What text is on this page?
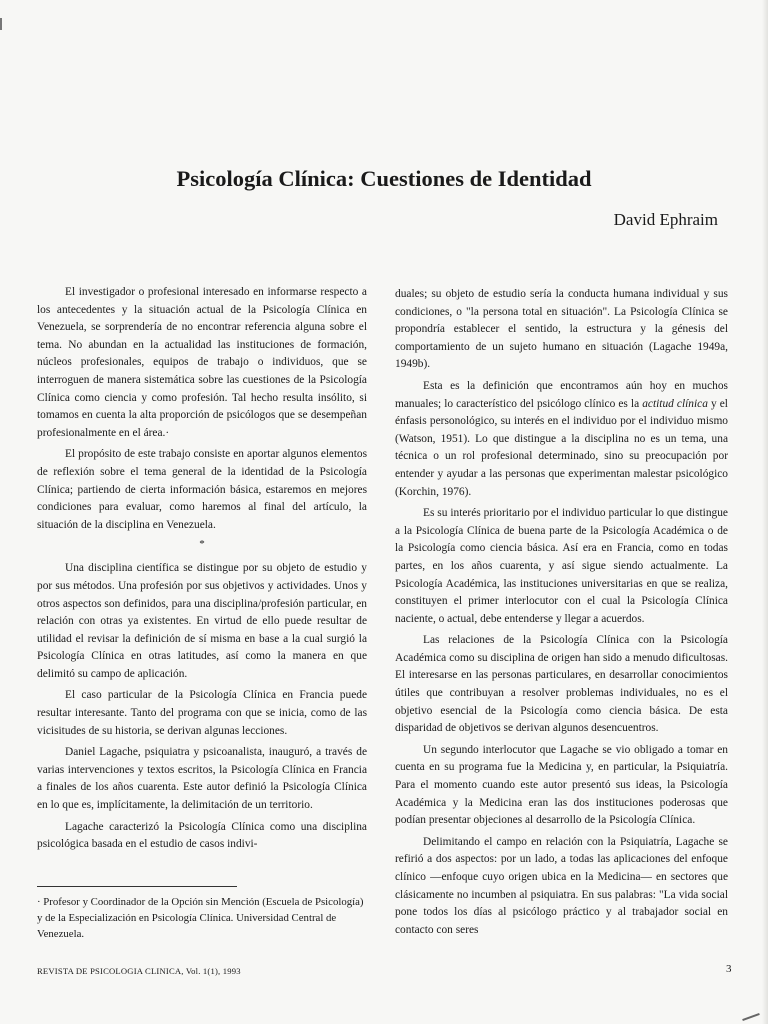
Psicología Clínica: Cuestiones de Identidad

David Ephraim

El investigador o profesional interesado en informarse respecto a los antecedentes y la situación actual de la Psicología Clínica en Venezuela, se sorprendería de no encontrar referencia alguna sobre el tema. No abundan en la actualidad las instituciones de formación, núcleos profesionales, equipos de trabajo o individuos, que se interroguen de manera sistemática sobre las cuestiones de la Psicología Clínica como ciencia y como profesión. Tal hecho resulta insólito, si tomamos en cuenta la alta proporción de psicólogos que se desempeñan profesionalmente en el área.·

El propósito de este trabajo consiste en aportar algunos elementos de reflexión sobre el tema general de la identidad de la Psicología Clínica; partiendo de cierta información básica, estaremos en mejores condiciones para evaluar, como haremos al final del artículo, la situación de la disciplina en Venezuela.

*

Una disciplina científica se distingue por su objeto de estudio y por sus métodos. Una profesión por sus objetivos y actividades. Unos y otros aspectos son definidos, para una disciplina/profesión particular, en relación con otras ya existentes. En virtud de ello puede resultar de utilidad el revisar la definición de sí misma en base a la cual surgió la Psicología Clínica en otras latitudes, así como la manera en que delimitó su campo de aplicación.

El caso particular de la Psicología Clínica en Francia puede resultar interesante. Tanto del programa con que se inicia, como de las vicisitudes de su historia, se derivan algunas lecciones.

Daniel Lagache, psiquiatra y psicoanalista, inauguró, a través de varias intervenciones y textos escritos, la Psicología Clínica en Francia a finales de los años cuarenta. Este autor definió la Psicología Clínica en lo que es, implícitamente, la delimitación de un territorio.

Lagache caracterizó la Psicología Clínica como una disciplina psicológica basada en el estudio de casos indivi-

duales; su objeto de estudio sería la conducta humana individual y sus condiciones, o "la persona total en situación". La Psicología Clínica se propondría establecer el sentido, la estructura y la génesis del comportamiento de un sujeto humano en situación (Lagache 1949a, 1949b).

Esta es la definición que encontramos aún hoy en muchos manuales; lo característico del psicólogo clínico es la actitud clínica y el énfasis personológico, su interés en el individuo por el individuo mismo (Watson, 1951). Lo que distingue a la disciplina no es un tema, una técnica o un rol profesional determinado, sino su preocupación por entender y ayudar a las personas que experimentan malestar psicológico (Korchin, 1976).

Es su interés prioritario por el individuo particular lo que distingue a la Psicología Clínica de buena parte de la Psicología Académica o de la Psicología como ciencia básica. Así era en Francia, como en todas partes, en los años cuarenta, y así sigue siendo actualmente. La Psicología Académica, las instituciones universitarias en que se realiza, constituyen el primer interlocutor con el cual la Psicología Clínica naciente, o actual, debe entenderse y llegar a acuerdos.

Las relaciones de la Psicología Clínica con la Psicología Académica como su disciplina de origen han sido a menudo dificultosas. El interesarse en las personas particulares, en desarrollar conocimientos útiles que contribuyan a resolver problemas individuales, no es el objetivo esencial de la Psicología como ciencia básica. De esta disparidad de objetivos se derivan algunos desencuentros.

Un segundo interlocutor que Lagache se vio obligado a tomar en cuenta en su programa fue la Medicina y, en particular, la Psiquiatría. Para el momento cuando este autor presentó sus ideas, la Psicología Académica y la Medicina eran las dos instituciones poderosas que podían presentar objeciones al desarrollo de la Psicología Clínica.

Delimitando el campo en relación con la Psiquiatría, Lagache se refirió a dos aspectos: por un lado, a todas las aplicaciones del enfoque clínico —enfoque cuyo origen ubica en la Medicina— en sectores que clásicamente no incumben al psiquiatra. En sus palabras: "La vida social pone todos los días al psicólogo práctico y al trabajador social en contacto con seres

· Profesor y Coordinador de la Opción sin Mención (Escuela de Psicología) y de la Especialización en Psicología Clínica. Universidad Central de Venezuela.

REVISTA DE PSICOLOGIA CLINICA, Vol. 1(1), 1993	3
